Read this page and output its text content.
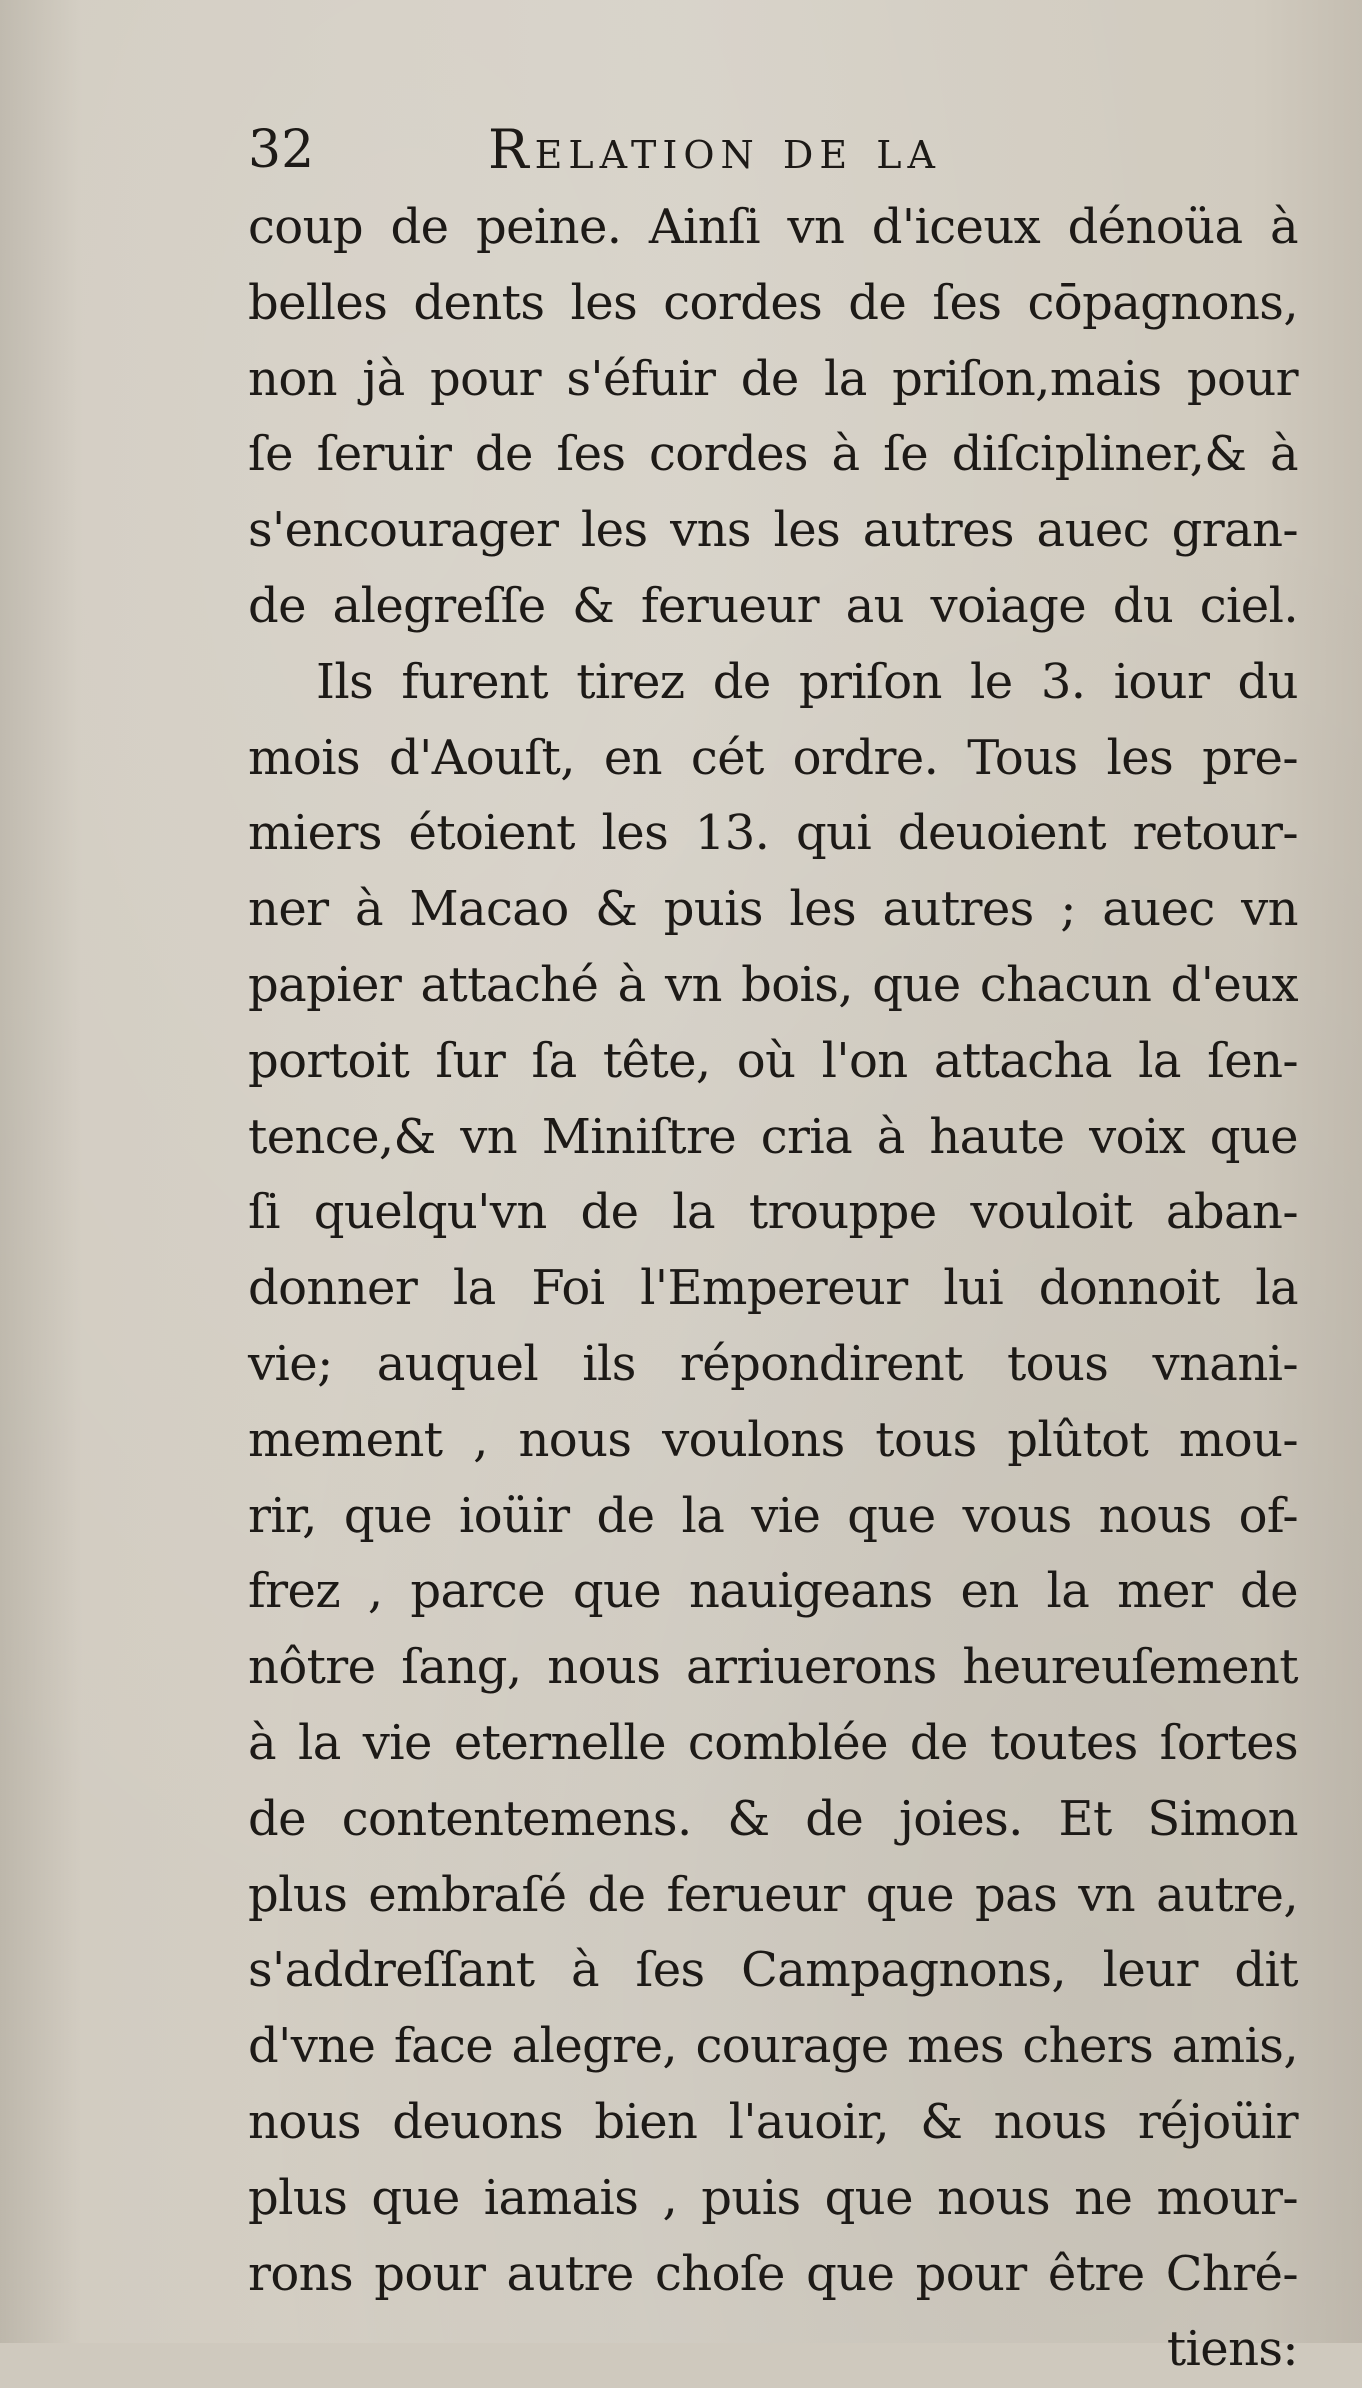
32	Relation de la
coup de peine. Ainſi vn d'iceux dénoüa à
belles dents les cordes de ſes cōpagnons,
non jà pour s'éfuir de la priſon,mais pour
ſe ſeruir de ſes cordes à ſe diſcipliner,& à
s'encourager les vns les autres auec gran-
de alegreſſe & ferueur au voiage du ciel.
Ils furent tirez de priſon le 3. iour du
mois d'Aouſt, en cét ordre. Tous les pre-
miers étoient les 13. qui deuoient retour-
ner à Macao & puis les autres ; auec vn
papier attaché à vn bois, que chacun d'eux
portoit ſur ſa tête, où l'on attacha la ſen-
tence,& vn Miniſtre cria à haute voix que
ſi quelqu'vn de la trouppe vouloit aban-
donner la Foi l'Empereur lui donnoit la
vie; auquel ils répondirent tous vnani-
mement , nous voulons tous plûtot mou-
rir, que ioüir de la vie que vous nous of-
frez , parce que nauigeans en la mer de
nôtre ſang, nous arriuerons heureuſement
à la vie eternelle comblée de toutes ſortes
de contentemens. & de joies. Et Simon
plus embraſé de ferueur que pas vn autre,
s'addreſſant à ſes Campagnons, leur dit
d'vne face alegre, courage mes chers amis,
nous deuons bien l'auoir, & nous réjoüir
plus que iamais , puis que nous ne mour-
rons pour autre choſe que pour être Chré-
tiens:
